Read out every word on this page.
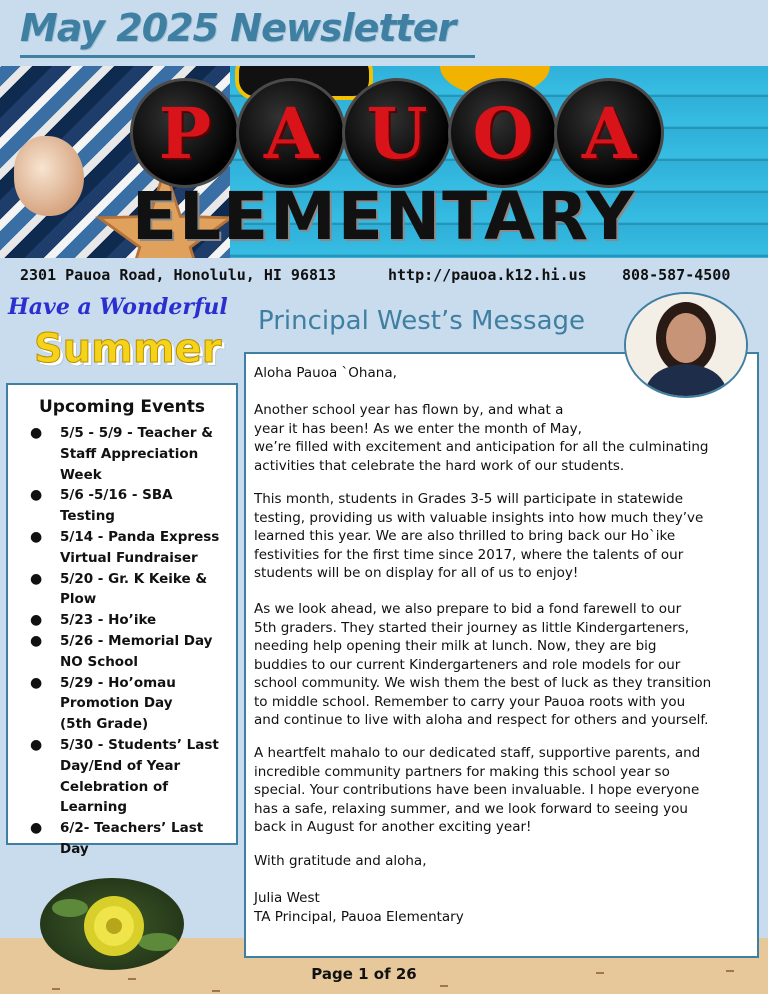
May 2025 Newsletter
P A U O A
ELEMENTARY
2301 Pauoa Road, Honolulu, HI 96813	http://pauoa.k12.hi.us 808-587-4500
Have a Wonderful
Summer
Principal West’s Message
Upcoming Events
● 5/5 - 5/9 - Teacher &
Staff Appreciation
Week
● 5/6 -5/16 - SBA
Testing
● 5/14 - Panda Express
Virtual Fundraiser
● 5/20 - Gr. K Keike &
Plow
● 5/23 - Ho’ike
● 5/26 - Memorial Day
NO School
● 5/29 - Ho’omau
Promotion Day
(5th Grade)
● 5/30 - Students’ Last
Day/End of Year
Celebration of
Learning
● 6/2- Teachers’ Last
Day
Aloha Pauoa `Ohana,
Another school year has flown by, and what a
year it has been! As we enter the month of May,
we’re filled with excitement and anticipation for all the culminating
activities that celebrate the hard work of our students.
This month, students in Grades 3-5 will participate in statewide
testing, providing us with valuable insights into how much they’ve
learned this year. We are also thrilled to bring back our Ho`ike
festivities for the first time since 2017, where the talents of our
students will be on display for all of us to enjoy!
As we look ahead, we also prepare to bid a fond farewell to our
5th graders. They started their journey as little Kindergarteners,
needing help opening their milk at lunch. Now, they are big
buddies to our current Kindergarteners and role models for our
school community. We wish them the best of luck as they transition
to middle school. Remember to carry your Pauoa roots with you
and continue to live with aloha and respect for others and yourself.
A heartfelt mahalo to our dedicated staff, supportive parents, and
incredible community partners for making this school year so
special. Your contributions have been invaluable. I hope everyone
has a safe, relaxing summer, and we look forward to seeing you
back in August for another exciting year!
With gratitude and aloha,
Julia West
TA Principal, Pauoa Elementary
Page 1 of 26
